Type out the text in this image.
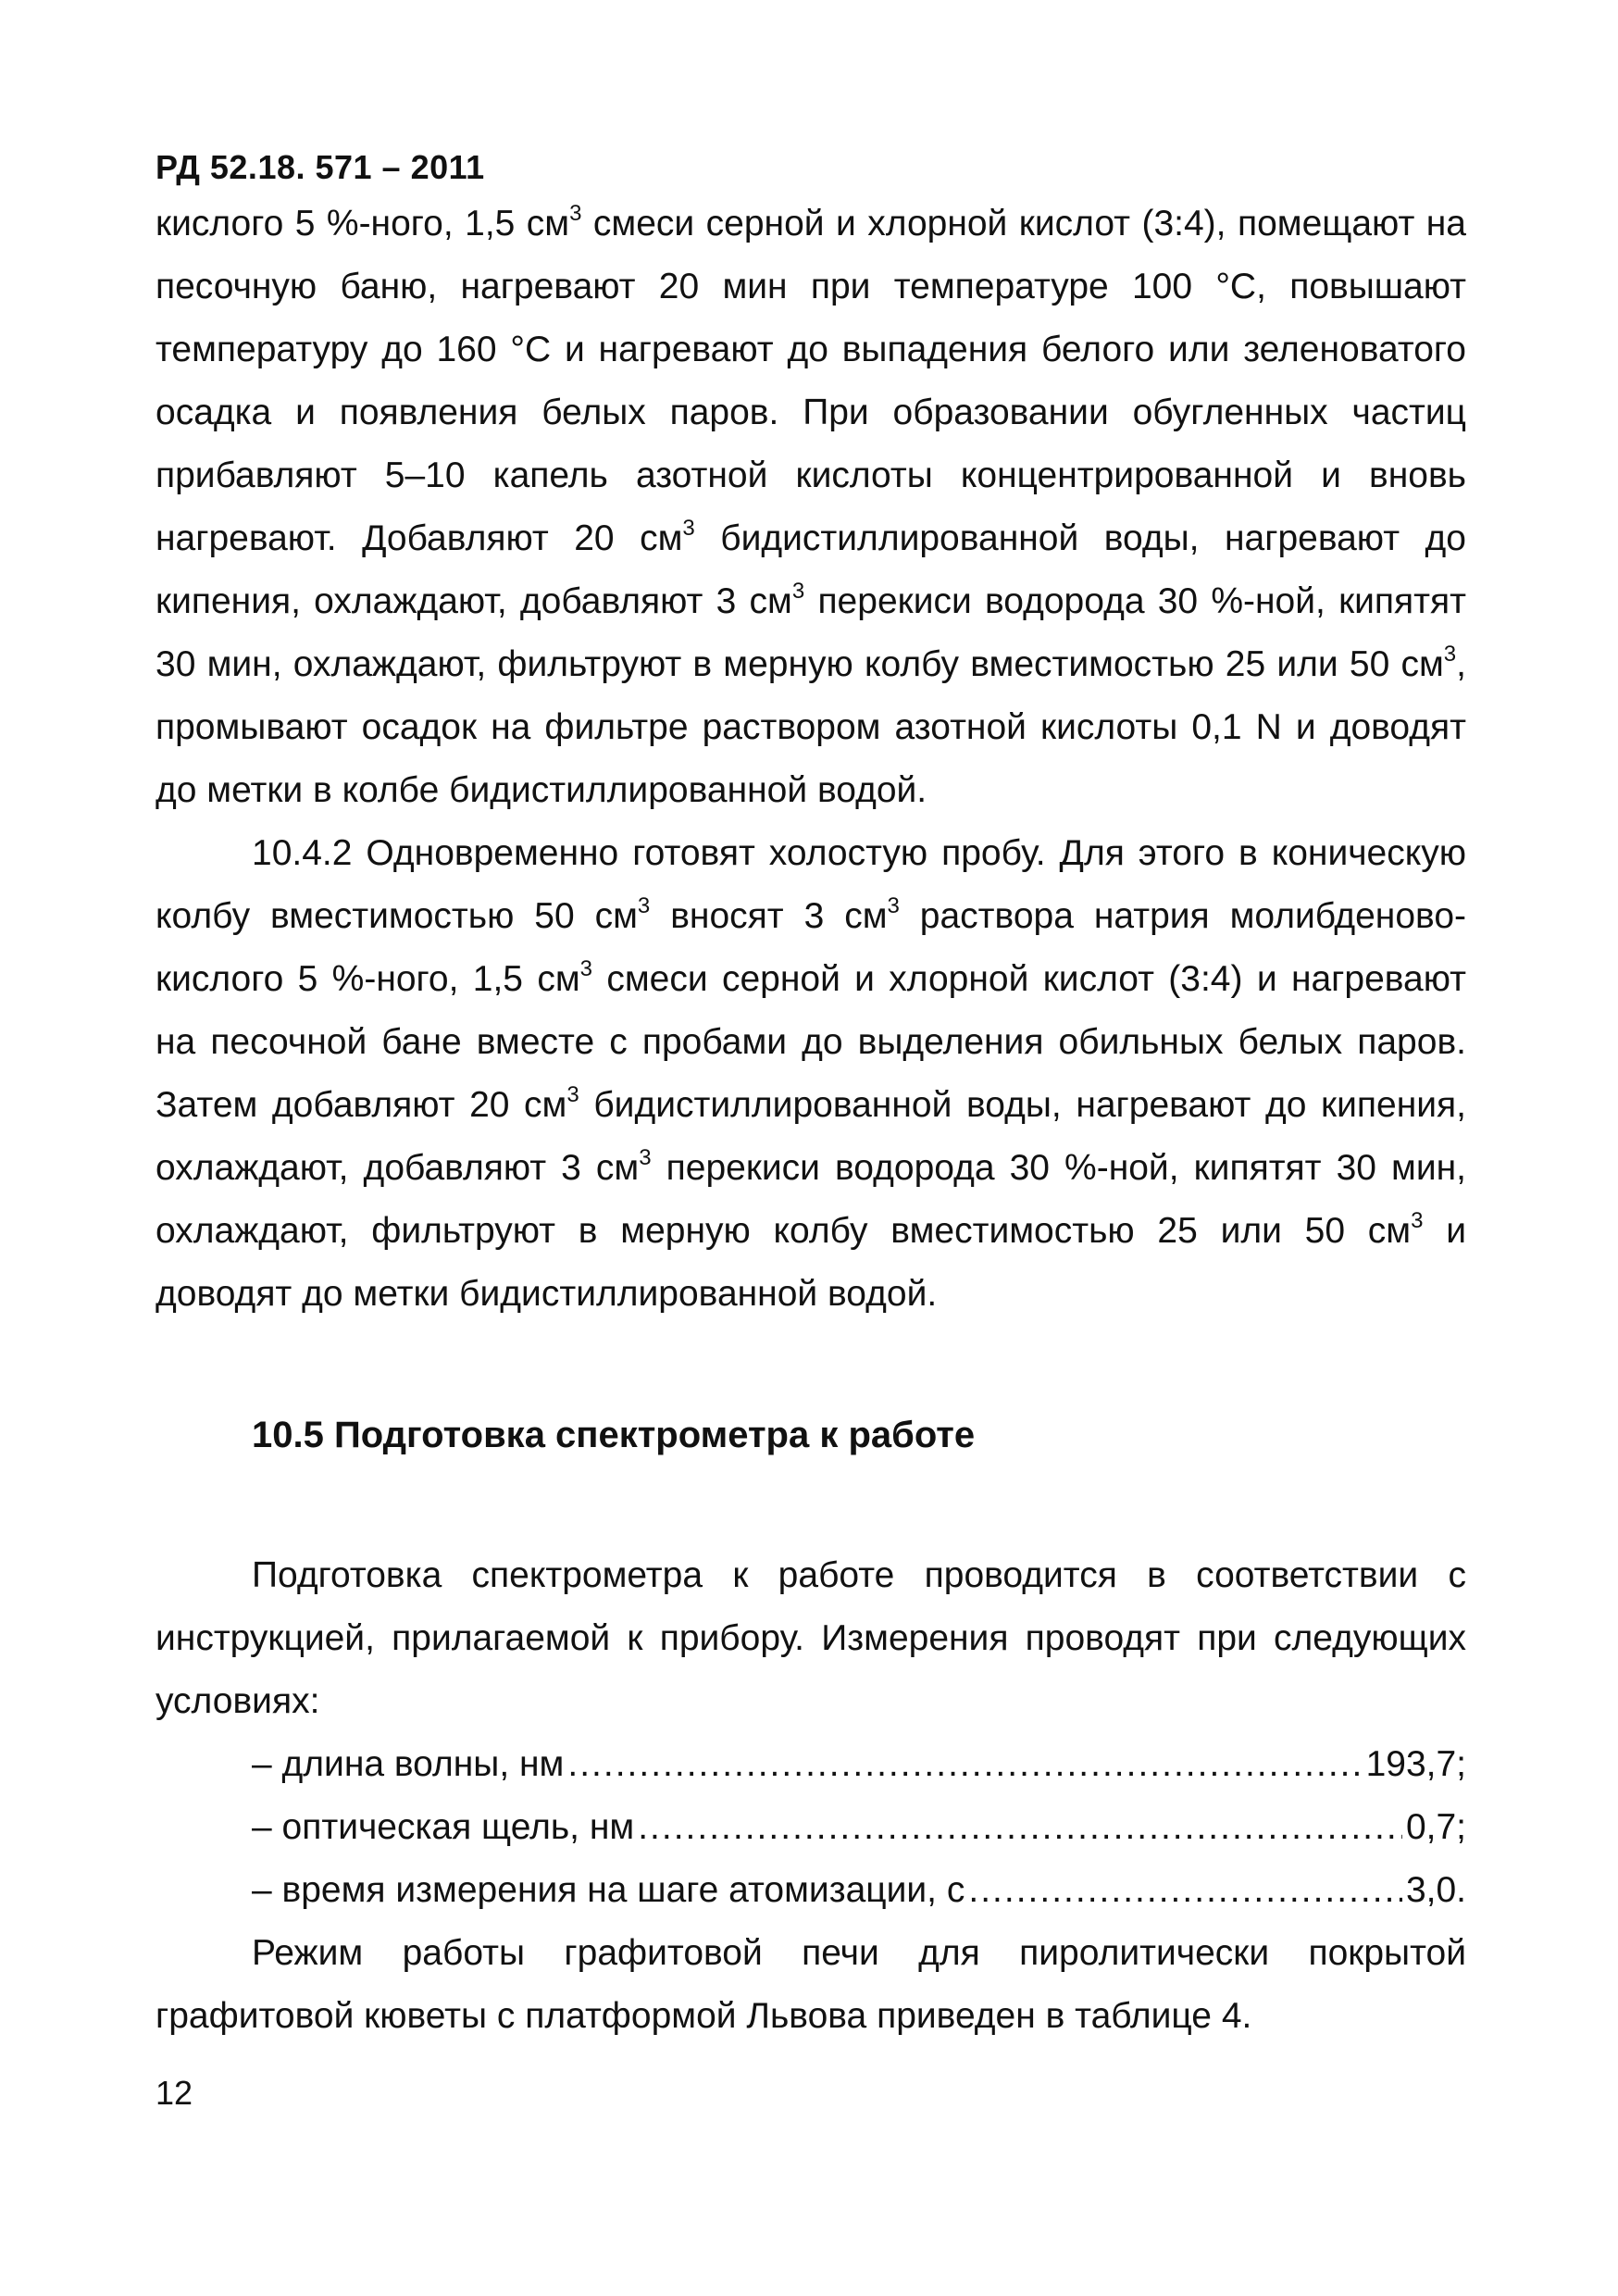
РД 52.18. 571 – 2011

кислого 5 %-ного, 1,5 $см^3$ смеси серной и хлорной кислот (3:4), помещают на песочную баню, нагревают 20 мин при температуре 100 °С, повышают температуру до 160 °С и нагревают до выпадения белого или зеленоватого осадка и появления белых паров. При образовании обугленных частиц прибавляют 5–10 капель азотной кислоты концентрированной и вновь нагревают. Добавляют 20 $см^3$ бидистиллированной воды, нагревают до кипения, охлаждают, добавляют 3 $см^3$ перекиси водорода 30 %-ной, кипятят 30 мин, охлаждают, фильтруют в мерную колбу вместимостью 25 или 50 $см^3$, промывают осадок на фильтре раствором азотной кислоты 0,1 N и доводят до метки в колбе бидистиллированной водой.

10.4.2 Одновременно готовят холостую пробу. Для этого в коническую колбу вместимостью 50 $см^3$ вносят 3 $см^3$ раствора натрия молибденово-кислого 5 %-ного, 1,5 $см^3$ смеси серной и хлорной кислот (3:4) и нагревают на песочной бане вместе с пробами до выделения обильных белых паров. Затем добавляют 20 $см^3$ бидистиллированной воды, нагревают до кипения, охлаждают, добавляют 3 $см^3$ перекиси водорода 30 %-ной, кипятят 30 мин, охлаждают, фильтруют в мерную колбу вместимостью 25 или 50 $см^3$ и доводят до метки бидистиллированной водой.

10.5 Подготовка спектрометра к работе

Подготовка спектрометра к работе проводится в соответствии с инструкцией, прилагаемой к прибору. Измерения проводят при следующих условиях:

– длина волны, нм .....	193,7;
– оптическая щель, нм .....	0,7;
– время измерения на шаге атомизации, с .....	3,0.

Режим работы графитовой печи для пиролитически покрытой графитовой кюветы с платформой Львова приведен в таблице 4.

12
